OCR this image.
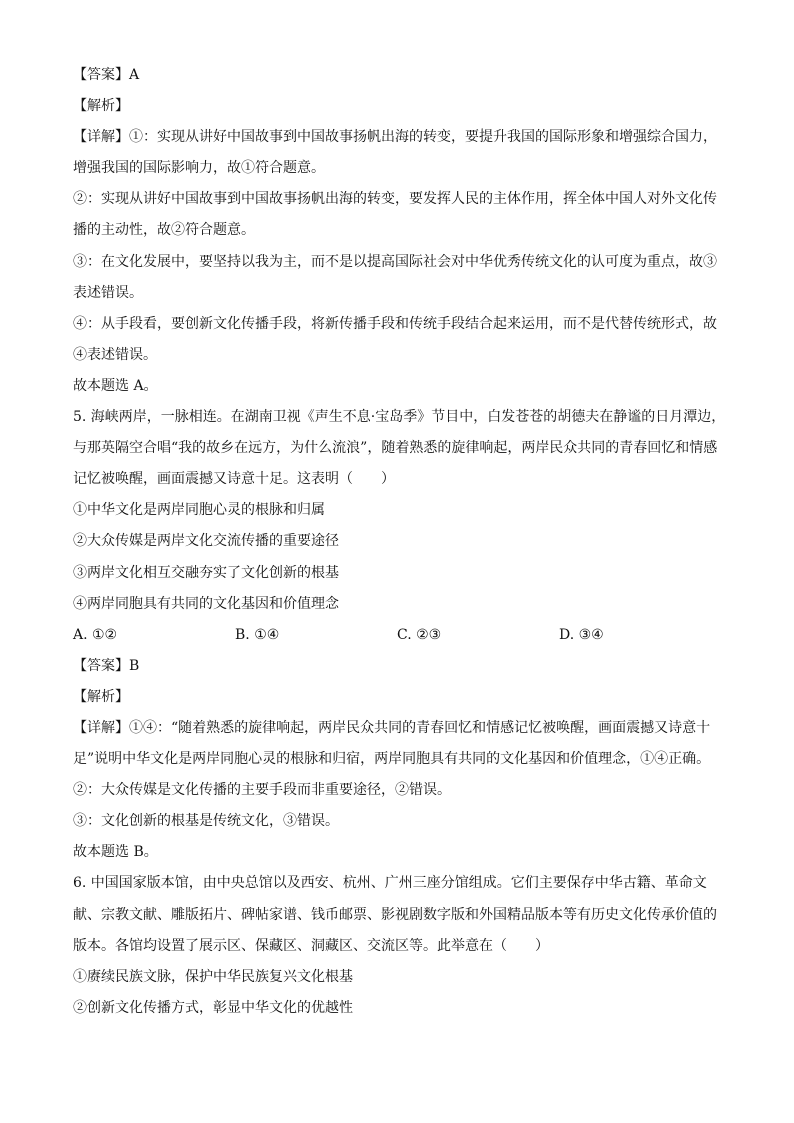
【答案】A
【解析】
【详解】①：实现从讲好中国故事到中国故事扬帆出海的转变，要提升我国的国际形象和增强综合国力，
增强我国的国际影响力，故①符合题意。
②：实现从讲好中国故事到中国故事扬帆出海的转变，要发挥人民的主体作用，挥全体中国人对外文化传
播的主动性，故②符合题意。
③：在文化发展中，要坚持以我为主，而不是以提高国际社会对中华优秀传统文化的认可度为重点，故③
表述错误。
④：从手段看，要创新文化传播手段，将新传播手段和传统手段结合起来运用，而不是代替传统形式，故
④表述错误。
故本题选 A。
5. 海峡两岸，一脉相连。在湖南卫视《声生不息·宝岛季》节目中，白发苍苍的胡德夫在静谧的日月潭边，
与那英隔空合唱“我的故乡在远方，为什么流浪”，随着熟悉的旋律响起，两岸民众共同的青春回忆和情感
记忆被唤醒，画面震撼又诗意十足。这表明（　　）
①中华文化是两岸同胞心灵的根脉和归属
②大众传媒是两岸文化交流传播的重要途径
③两岸文化相互交融夯实了文化创新的根基
④两岸同胞具有共同的文化基因和价值理念
A. ①②	B. ①④	C. ②③	D. ③④
【答案】B
【解析】
【详解】①④：“随着熟悉的旋律响起，两岸民众共同的青春回忆和情感记忆被唤醒，画面震撼又诗意十
足”说明中华文化是两岸同胞心灵的根脉和归宿，两岸同胞具有共同的文化基因和价值理念，①④正确。
②：大众传媒是文化传播的主要手段而非重要途径，②错误。
③：文化创新的根基是传统文化，③错误。
故本题选 B。
6. 中国国家版本馆，由中央总馆以及西安、杭州、广州三座分馆组成。它们主要保存中华古籍、革命文
献、宗教文献、雕版拓片、碑帖家谱、钱币邮票、影视剧数字版和外国精品版本等有历史文化传承价值的
版本。各馆均设置了展示区、保藏区、洞藏区、交流区等。此举意在（　　）
①赓续民族文脉，保护中华民族复兴文化根基
②创新文化传播方式，彰显中华文化的优越性
